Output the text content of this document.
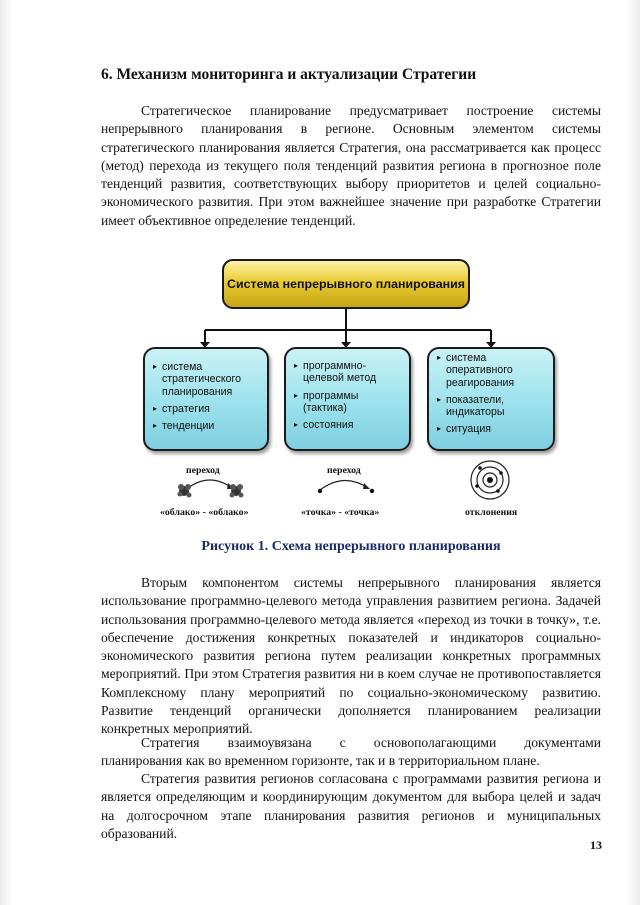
6. Механизм мониторинга и актуализации Стратегии
Стратегическое планирование предусматривает построение системы непрерывного планирования в регионе. Основным элементом системы стратегического планирования является Стратегия, она рассматривается как процесс (метод) перехода из текущего поля тенденций развития региона в прогнозное поле тенденций развития, соответствующих выбору приоритетов и целей социально-экономического развития. При этом важнейшее значение при разработке Стратегии имеет объективное определение тенденций.
Система непрерывного планирования
▸ система стратегического планирования
▸ стратегия
▸ тенденции
▸ программно-целевой метод
▸ программы (тактика)
▸ состояния
▸ система оперативного реагирования
▸ показатели, индикаторы
▸ ситуация
переход	переход
«облако» - «облако»	«точка» - «точка»	отклонения
Рисунок 1. Схема непрерывного планирования
Вторым компонентом системы непрерывного планирования является использование программно-целевого метода управления развитием региона. Задачей использования программно-целевого метода является «переход из точки в точку», т.е. обеспечение достижения конкретных показателей и индикаторов социально-экономического развития региона путем реализации конкретных программных мероприятий. При этом Стратегия развития ни в коем случае не противопоставляется Комплексному плану мероприятий по социально-экономическому развитию. Развитие тенденций органически дополняется планированием реализации конкретных мероприятий.
Стратегия взаимоувязана с основополагающими документами
планирования как во временном горизонте, так и в территориальном плане.
Стратегия развития регионов согласована с программами развития региона и является определяющим и координирующим документом для выбора целей и задач на долгосрочном этапе планирования развития регионов и муниципальных образований.
13
